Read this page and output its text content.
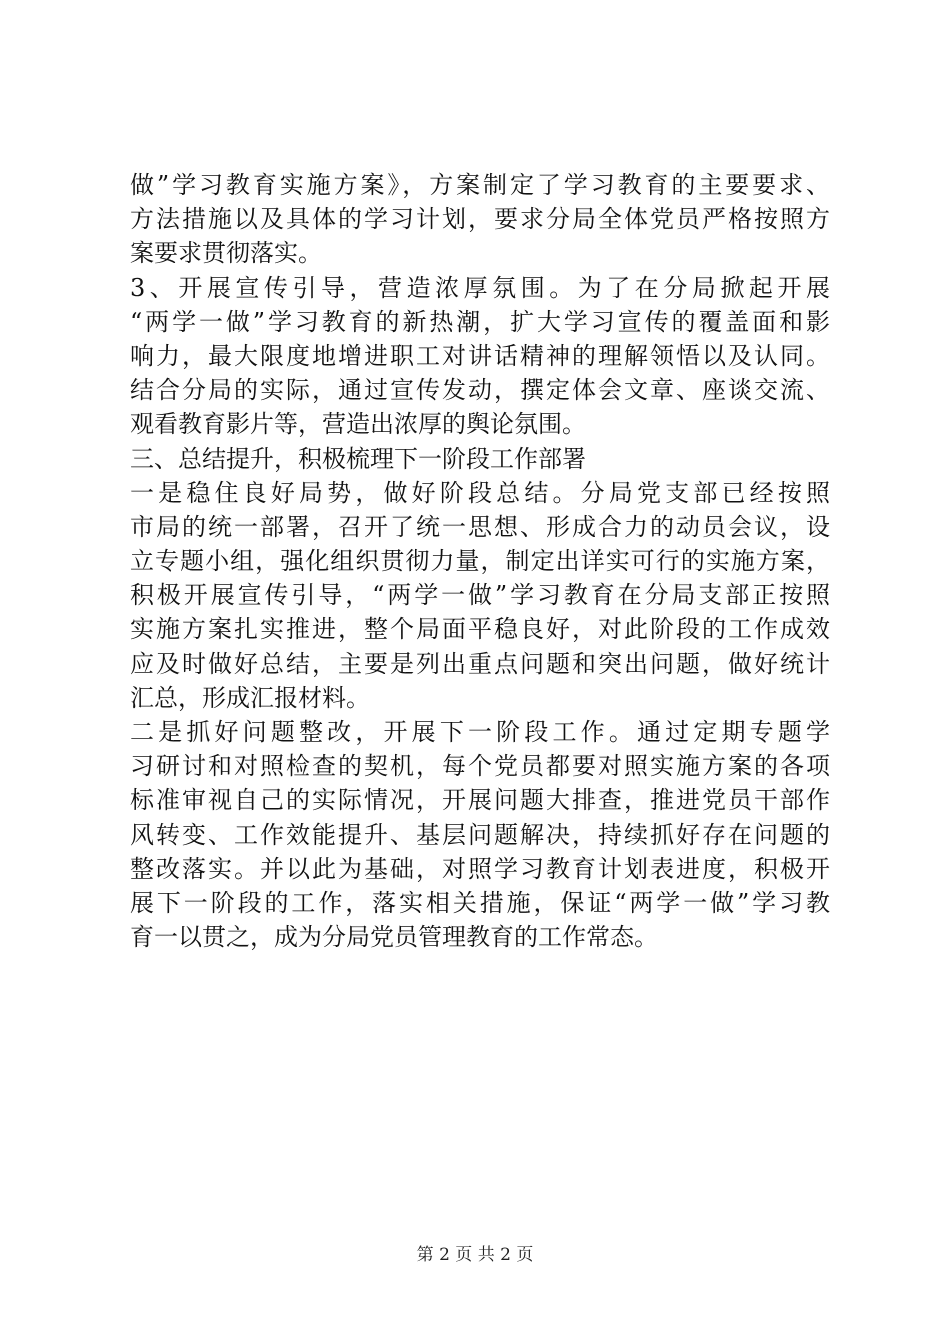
做”学习教育实施方案》，方案制定了学习教育的主要要求、
方法措施以及具体的学习计划，要求分局全体党员严格按照方
案要求贯彻落实。
3、开展宣传引导，营造浓厚氛围。为了在分局掀起开展
“两学一做”学习教育的新热潮，扩大学习宣传的覆盖面和影
响力，最大限度地增进职工对讲话精神的理解领悟以及认同。
结合分局的实际，通过宣传发动，撰定体会文章、座谈交流、
观看教育影片等，营造出浓厚的舆论氛围。
三、总结提升，积极梳理下一阶段工作部署
一是稳住良好局势，做好阶段总结。分局党支部已经按照
市局的统一部署，召开了统一思想、形成合力的动员会议，设
立专题小组，强化组织贯彻力量，制定出详实可行的实施方案，
积极开展宣传引导，“两学一做”学习教育在分局支部正按照
实施方案扎实推进，整个局面平稳良好，对此阶段的工作成效
应及时做好总结，主要是列出重点问题和突出问题，做好统计
汇总，形成汇报材料。
二是抓好问题整改，开展下一阶段工作。通过定期专题学
习研讨和对照检查的契机，每个党员都要对照实施方案的各项
标准审视自己的实际情况，开展问题大排查，推进党员干部作
风转变、工作效能提升、基层问题解决，持续抓好存在问题的
整改落实。并以此为基础，对照学习教育计划表进度，积极开
展下一阶段的工作，落实相关措施，保证“两学一做”学习教
育一以贯之，成为分局党员管理教育的工作常态。
第 2 页 共 2 页
